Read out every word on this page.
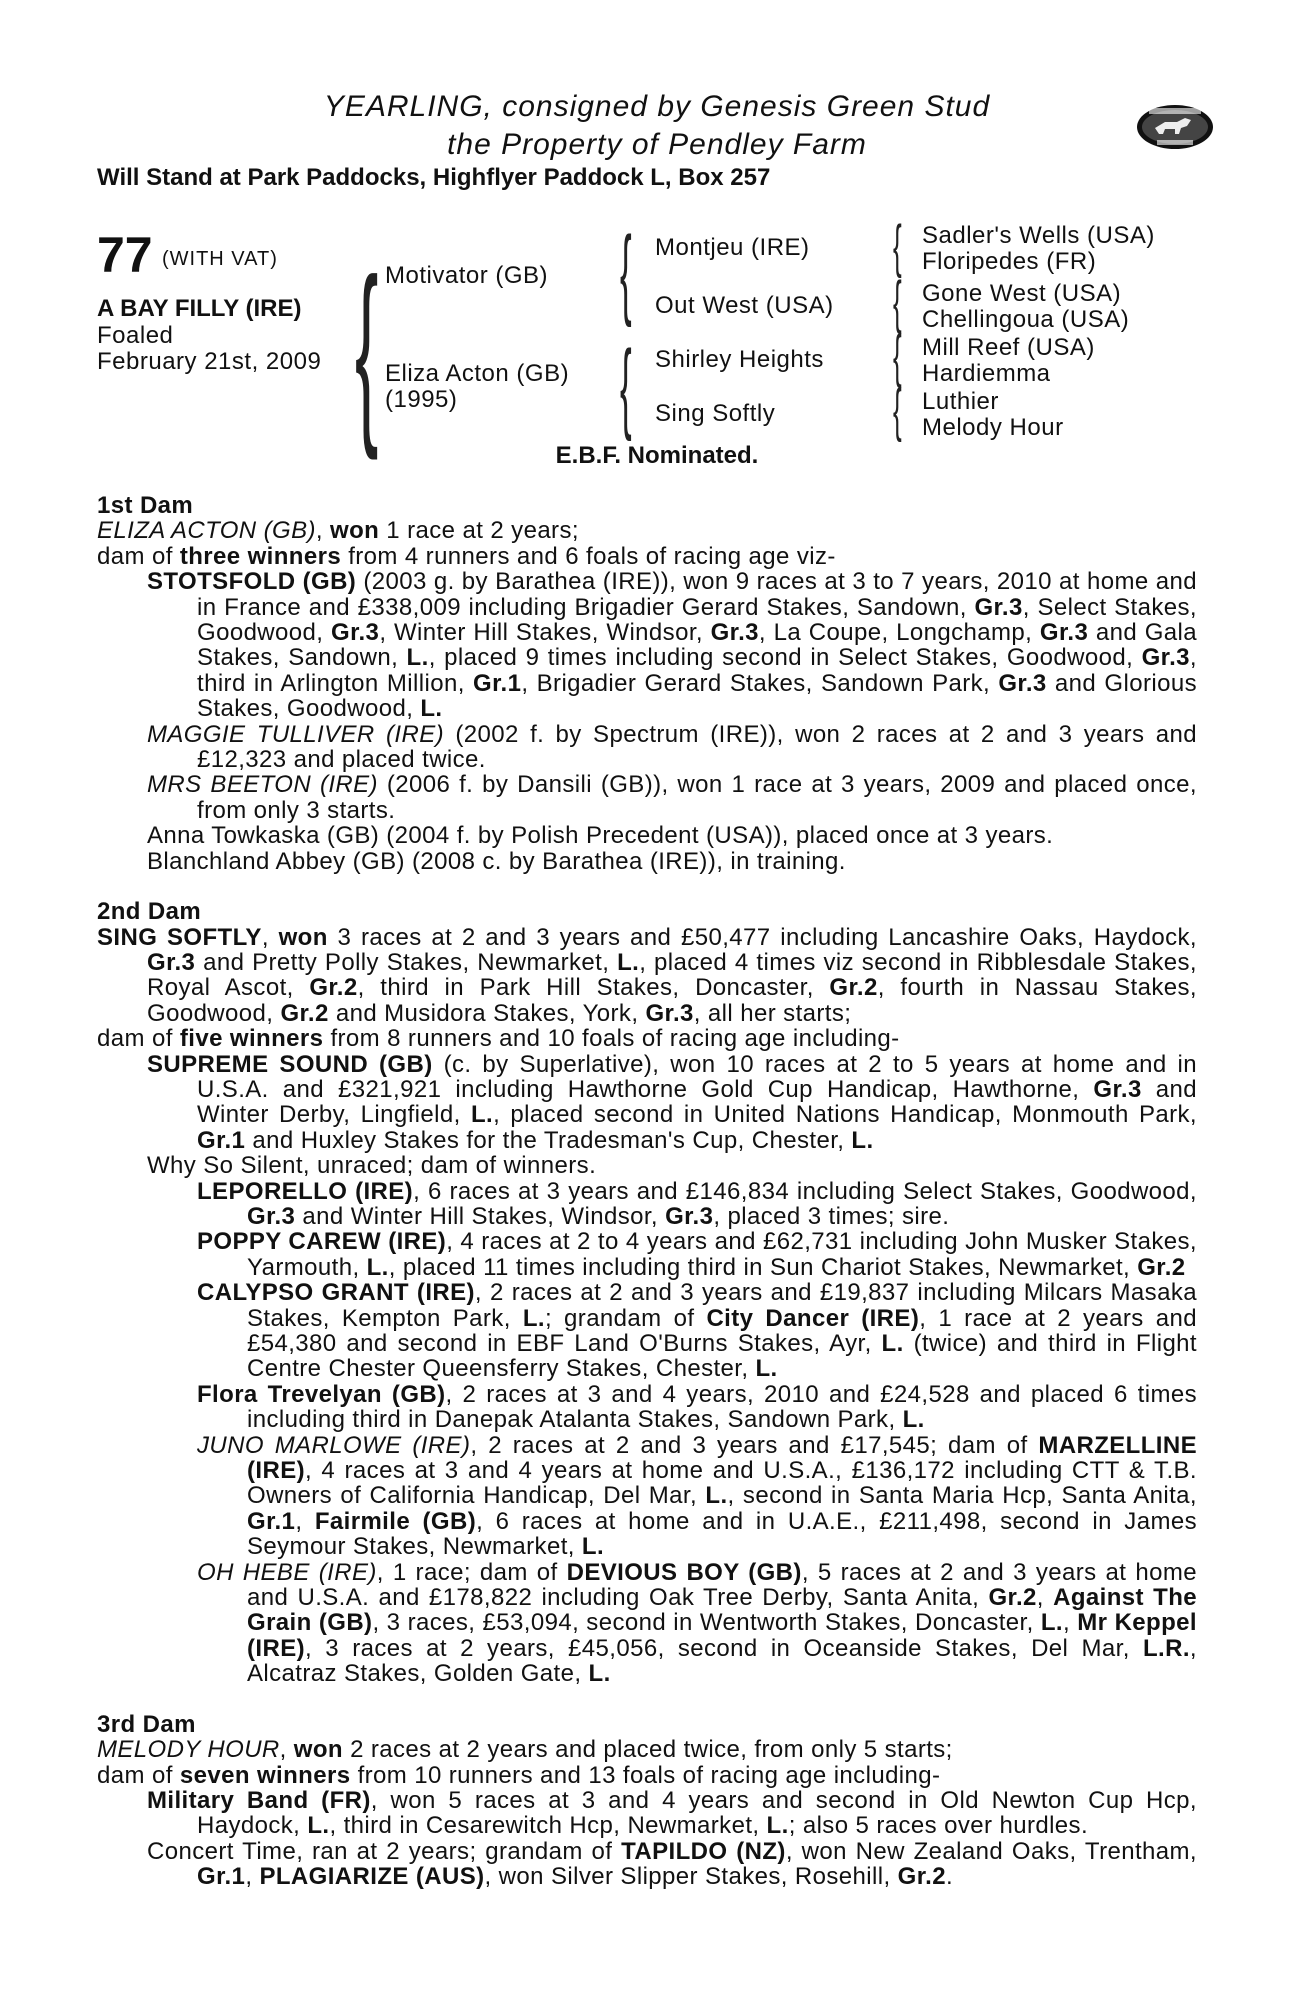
YEARLING, consigned by Genesis Green Stud
the Property of Pendley Farm
Will Stand at Park Paddocks, Highflyer Paddock L, Box 257
77 (WITH VAT)
A BAY FILLY (IRE)
Foaled
February 21st, 2009 { {
{
{
{
{
{
Motivator (GB)
Eliza Acton (GB)
(1995)
Montjeu (IRE)
Out West (USA)
Shirley Heights
Sing Softly
Sadler's Wells (USA)
Floripedes (FR)
Gone West (USA)
Chellingoua (USA)
Mill Reef (USA)
Hardiemma
Luthier
Melody Hour
E.B.F. Nominated.
1st Dam
ELIZA ACTON (GB), won 1 race at 2 years;
dam of three winners from 4 runners and 6 foals of racing age viz-
STOTSFOLD (GB) (2003 g. by Barathea (IRE)), won 9 races at 3 to 7 years, 2010 at home and in France and £338,009 including Brigadier Gerard Stakes, Sandown, Gr.3, Select Stakes, Goodwood, Gr.3, Winter Hill Stakes, Windsor, Gr.3, La Coupe, Longchamp, Gr.3 and Gala Stakes, Sandown, L., placed 9 times including second in Select Stakes, Goodwood, Gr.3, third in Arlington Million, Gr.1, Brigadier Gerard Stakes, Sandown Park, Gr.3 and Glorious Stakes, Goodwood, L.
MAGGIE TULLIVER (IRE) (2002 f. by Spectrum (IRE)), won 2 races at 2 and 3 years and £12,323 and placed twice.
MRS BEETON (IRE) (2006 f. by Dansili (GB)), won 1 race at 3 years, 2009 and placed once, from only 3 starts.
Anna Towkaska (GB) (2004 f. by Polish Precedent (USA)), placed once at 3 years.
Blanchland Abbey (GB) (2008 c. by Barathea (IRE)), in training.
2nd Dam
SING SOFTLY, won 3 races at 2 and 3 years and £50,477 including Lancashire Oaks, Haydock, Gr.3 and Pretty Polly Stakes, Newmarket, L., placed 4 times viz second in Ribblesdale Stakes, Royal Ascot, Gr.2, third in Park Hill Stakes, Doncaster, Gr.2, fourth in Nassau Stakes, Goodwood, Gr.2 and Musidora Stakes, York, Gr.3, all her starts;
dam of five winners from 8 runners and 10 foals of racing age including-
SUPREME SOUND (GB) (c. by Superlative), won 10 races at 2 to 5 years at home and in U.S.A. and £321,921 including Hawthorne Gold Cup Handicap, Hawthorne, Gr.3 and Winter Derby, Lingfield, L., placed second in United Nations Handicap, Monmouth Park, Gr.1 and Huxley Stakes for the Tradesman's Cup, Chester, L.
Why So Silent, unraced; dam of winners.
LEPORELLO (IRE), 6 races at 3 years and £146,834 including Select Stakes, Goodwood, Gr.3 and Winter Hill Stakes, Windsor, Gr.3, placed 3 times; sire.
POPPY CAREW (IRE), 4 races at 2 to 4 years and £62,731 including John Musker Stakes, Yarmouth, L., placed 11 times including third in Sun Chariot Stakes, Newmarket, Gr.2
CALYPSO GRANT (IRE), 2 races at 2 and 3 years and £19,837 including Milcars Masaka Stakes, Kempton Park, L.; grandam of City Dancer (IRE), 1 race at 2 years and £54,380 and second in EBF Land O'Burns Stakes, Ayr, L. (twice) and third in Flight Centre Chester Queensferry Stakes, Chester, L.
Flora Trevelyan (GB), 2 races at 3 and 4 years, 2010 and £24,528 and placed 6 times including third in Danepak Atalanta Stakes, Sandown Park, L.
JUNO MARLOWE (IRE), 2 races at 2 and 3 years and £17,545; dam of MARZELLINE (IRE), 4 races at 3 and 4 years at home and U.S.A., £136,172 including CTT & T.B. Owners of California Handicap, Del Mar, L., second in Santa Maria Hcp, Santa Anita, Gr.1, Fairmile (GB), 6 races at home and in U.A.E., £211,498, second in James Seymour Stakes, Newmarket, L.
OH HEBE (IRE), 1 race; dam of DEVIOUS BOY (GB), 5 races at 2 and 3 years at home and U.S.A. and £178,822 including Oak Tree Derby, Santa Anita, Gr.2, Against The Grain (GB), 3 races, £53,094, second in Wentworth Stakes, Doncaster, L., Mr Keppel (IRE), 3 races at 2 years, £45,056, second in Oceanside Stakes, Del Mar, L.R., Alcatraz Stakes, Golden Gate, L.
3rd Dam
MELODY HOUR, won 2 races at 2 years and placed twice, from only 5 starts;
dam of seven winners from 10 runners and 13 foals of racing age including-
Military Band (FR), won 5 races at 3 and 4 years and second in Old Newton Cup Hcp, Haydock, L., third in Cesarewitch Hcp, Newmarket, L.; also 5 races over hurdles.
Concert Time, ran at 2 years; grandam of TAPILDO (NZ), won New Zealand Oaks, Trentham, Gr.1, PLAGIARIZE (AUS), won Silver Slipper Stakes, Rosehill, Gr.2.
